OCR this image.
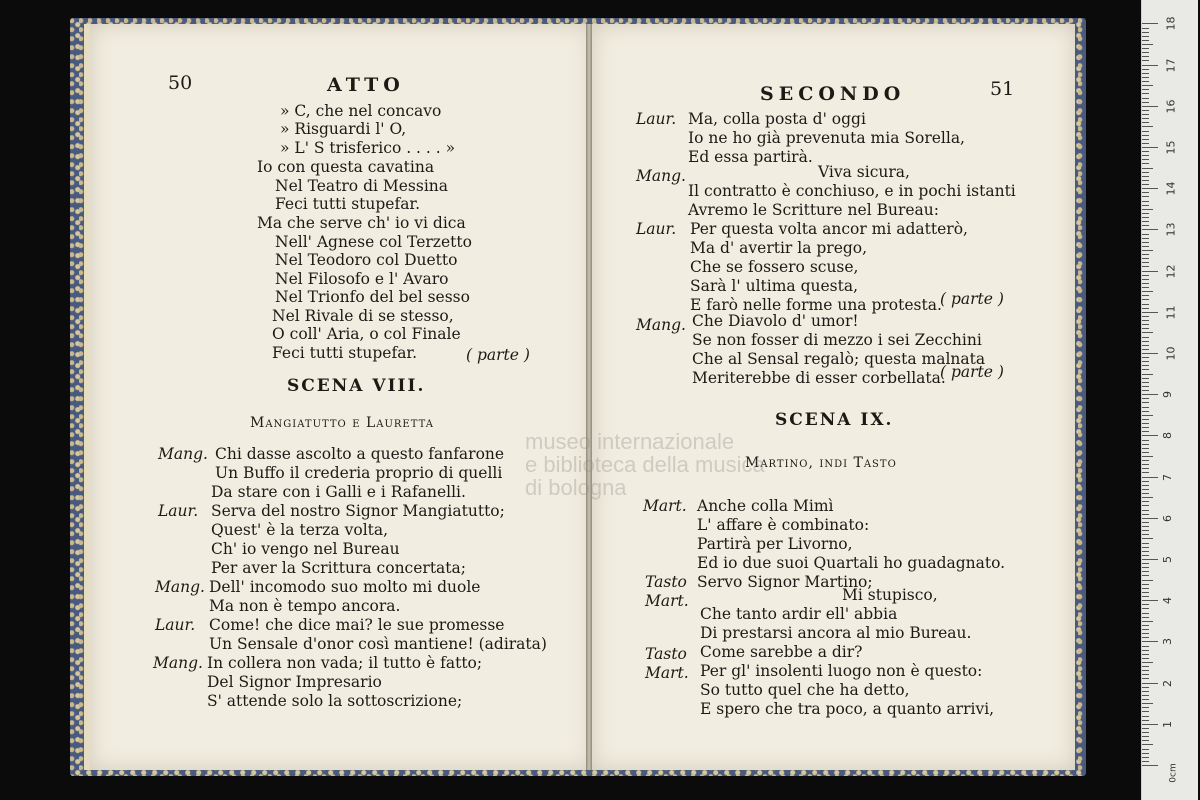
50	ATTO
» C, che nel concavo
» Risguardi l' O,
» L' S trisferico . . . . »
Io con questa cavatina
Nel Teatro di Messina
Feci tutti stupefar.
Ma che serve ch' io vi dica
Nell' Agnese col Terzetto
Nel Teodoro col Duetto
Nel Filosofo e l' Avaro
Nel Trionfo del bel sesso
Nel Rivale di se stesso,
O coll' Aria, o col Finale
Feci tutti stupefar.	( parte )
SCENA VIII.
Mangiatutto e Lauretta
Mang. Chi dasse ascolto a questo fanfarone
Un Buffo il crederia proprio di quelli
Da stare con i Galli e i Rafanelli.
Laur. Serva del nostro Signor Mangiatutto;
Quest' è la terza volta,
Ch' io vengo nel Bureau
Per aver la Scrittura concertata;
Mang. Dell' incomodo suo molto mi duole
Ma non è tempo ancora.
Laur. Come! che dice mai? le sue promesse
Un Sensale d'onor così mantiene! (adirata)
Mang. In collera non vada; il tutto è fatto;
Del Signor Impresario
S' attende solo la sottoscrizione;
SECONDO	51
Laur. Ma, colla posta d' oggi
Io ne ho già prevenuta mia Sorella,
Ed essa partirà.
Mang.	Viva sicura,
Il contratto è conchiuso, e in pochi istanti
Avremo le Scritture nel Bureau:
Laur. Per questa volta ancor mi adatterò,
Ma d' avertir la prego,
Che se fossero scuse,
Sarà l' ultima questa,
E farò nelle forme una protesta.
( parte )
Mang. Che Diavolo d' umor!
Se non fosser di mezzo i sei Zecchini
Che al Sensal regalò; questa malnata
Meriterebbe di esser corbellata.
( parte )
SCENA IX.
Martino, indi Tasto
Mart. Anche colla Mimì
L' affare è combinato:
Partirà per Livorno,
Ed io due suoi Quartali ho guadagnato.
Tasto Servo Signor Martino;
Mart.	Mi stupisco,
Che tanto ardir ell' abbia
Di prestarsi ancora al mio Bureau.
Tasto Come sarebbe a dir?
Mart. Per gl' insolenti luogo non è questo:
So tutto quel che ha detto,
E spero che tra poco, a quanto arrivi,
museo internazionale
e biblioteca della musica
di bologna
0cm
1
2
3
4
5
6
7
8
9
10
11
12
13
14
15
16
17
18
